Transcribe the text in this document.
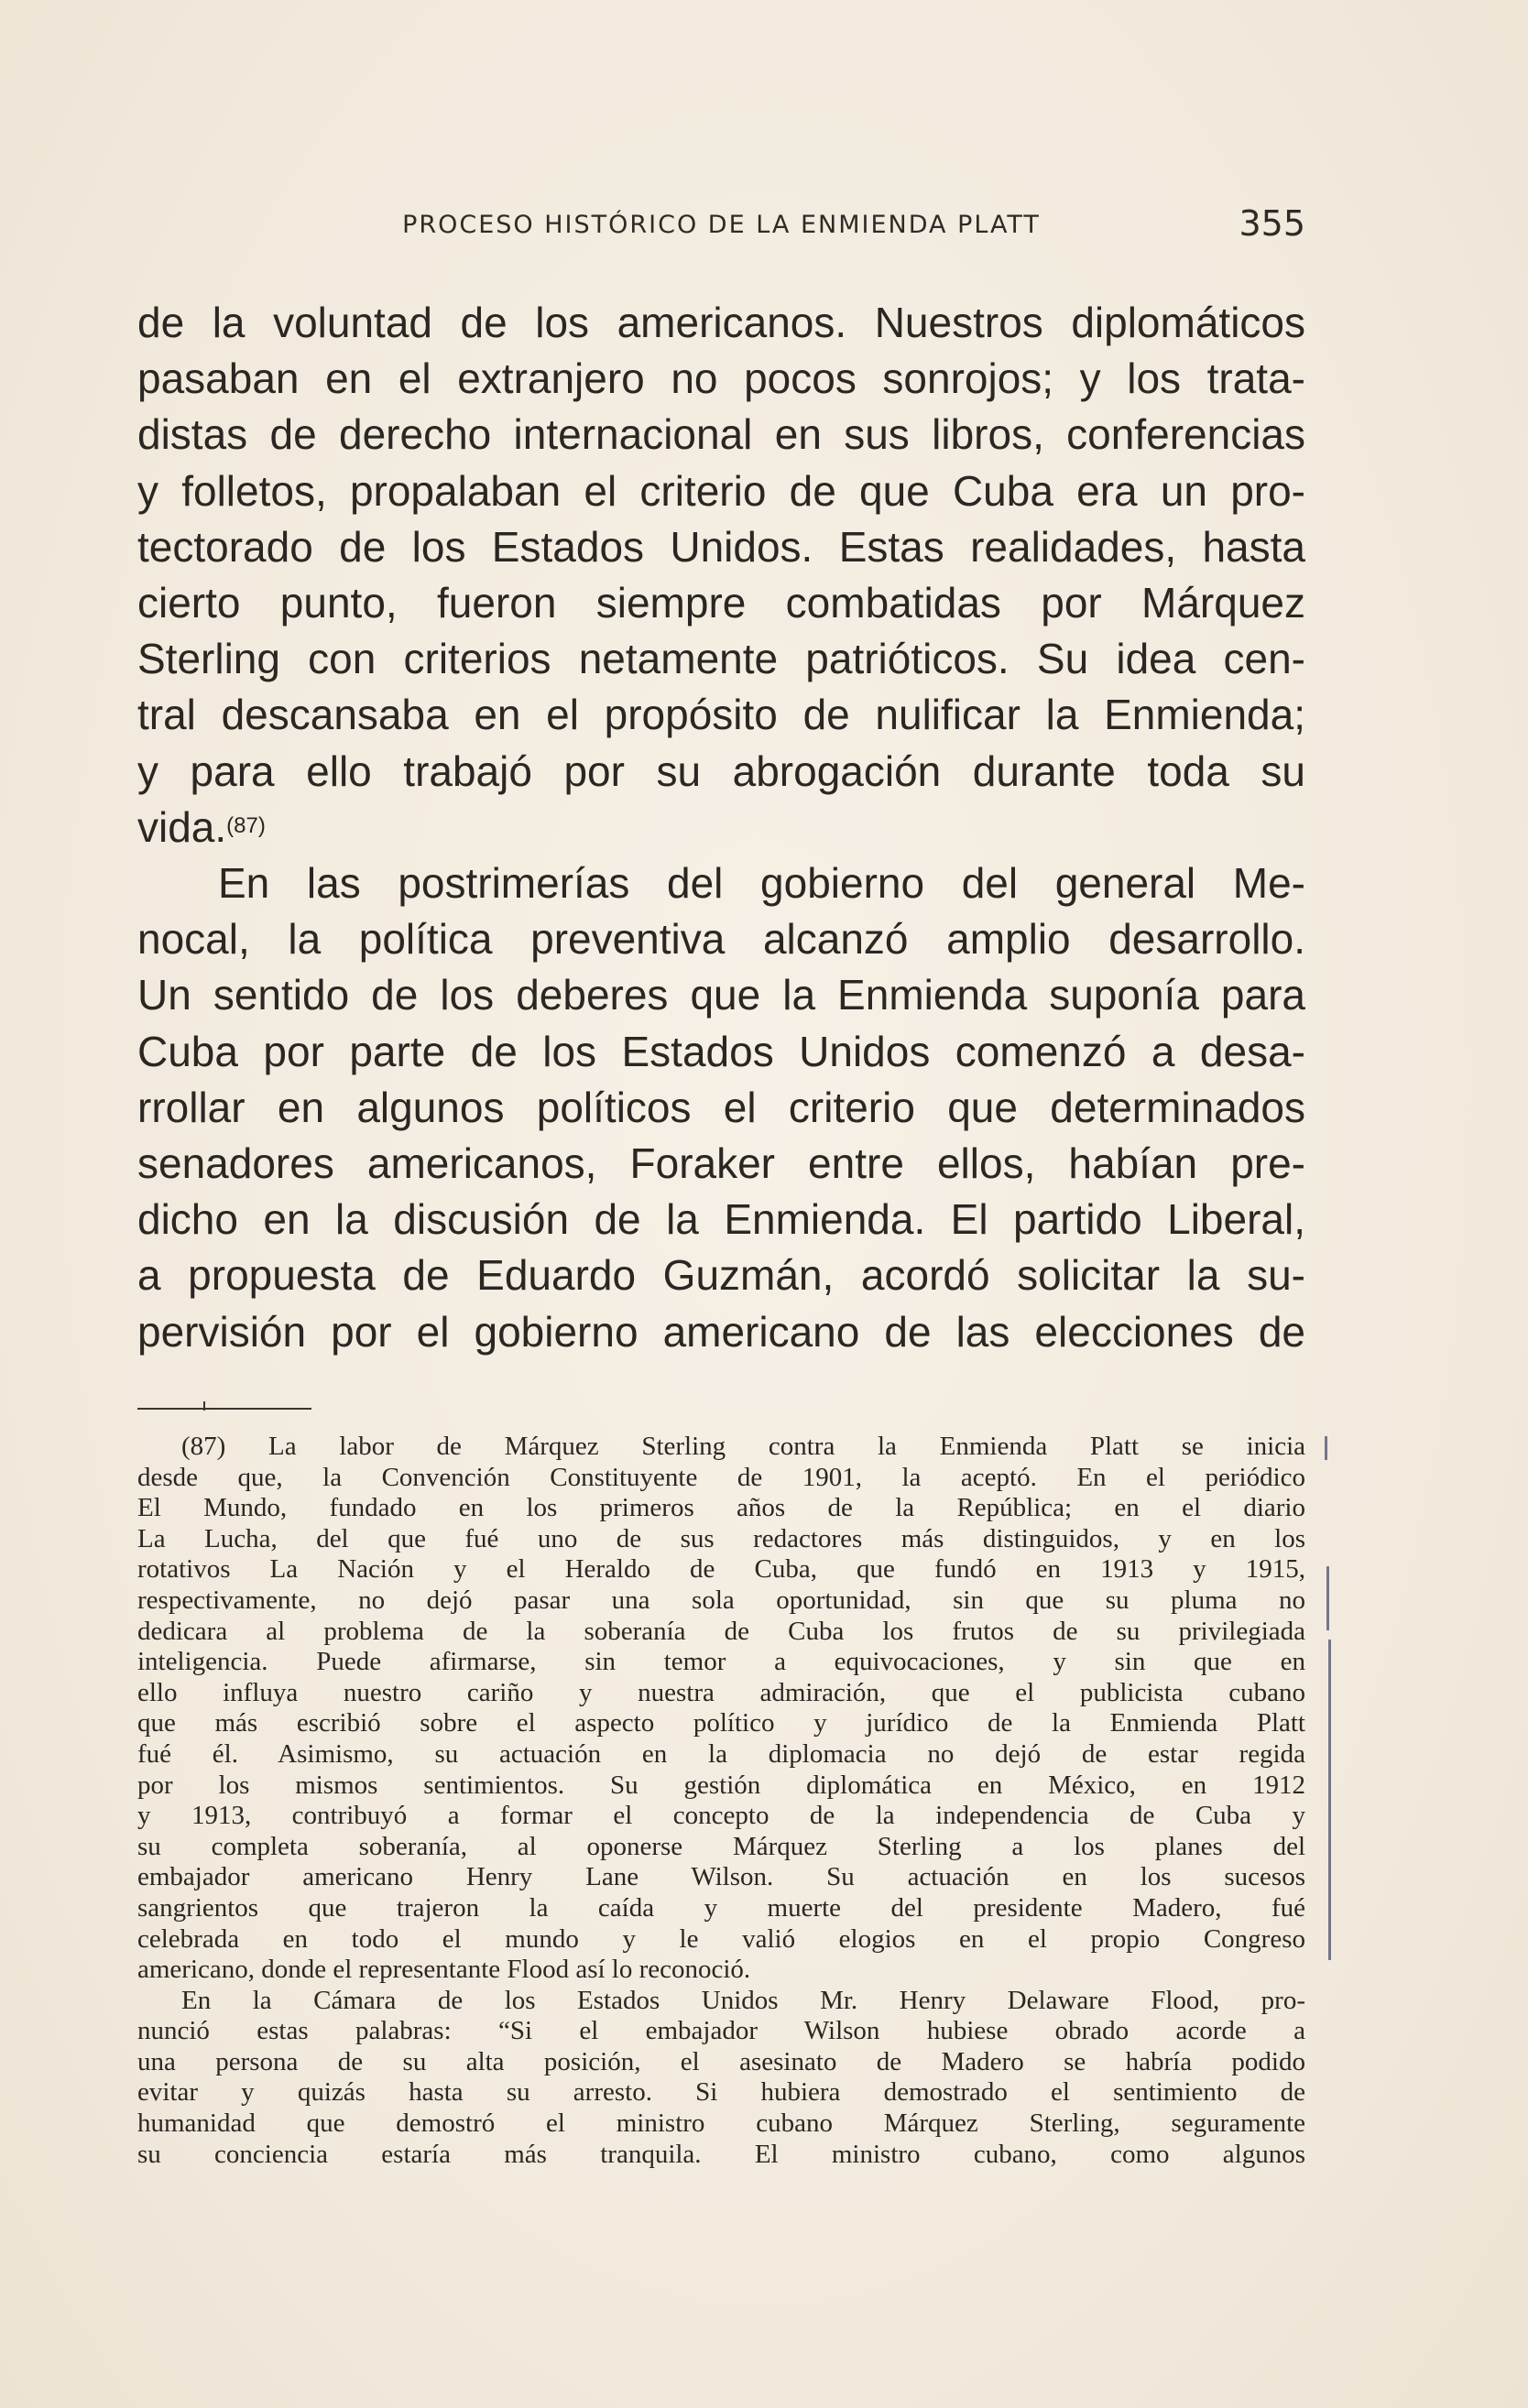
PROCESO HISTÓRICO DE LA ENMIENDA PLATT	355

de la voluntad de los americanos. Nuestros diplomáticos
pasaban en el extranjero no pocos sonrojos; y los trata-
distas de derecho internacional en sus libros, conferencias
y folletos, propalaban el criterio de que Cuba era un pro-
tectorado de los Estados Unidos. Estas realidades, hasta
cierto punto, fueron siempre combatidas por Márquez
Sterling con criterios netamente patrióticos. Su idea cen-
tral descansaba en el propósito de nulificar la Enmienda;
y para ello trabajó por su abrogación durante toda su
vida.$^{(87)}$

En las postrimerías del gobierno del general Me-

nocal, la política preventiva alcanzó amplio desarrollo.
Un sentido de los deberes que la Enmienda suponía para
Cuba por parte de los Estados Unidos comenzó a desa-
rrollar en algunos políticos el criterio que determinados
senadores americanos, Foraker entre ellos, habían pre-
dicho en la discusión de la Enmienda. El partido Liberal,
a propuesta de Eduardo Guzmán, acordó solicitar la su-
pervisión por el gobierno americano de las elecciones de

(87) La labor de Márquez Sterling contra la Enmienda Platt se inicia
desde que, la Convención Constituyente de 1901, la aceptó. En el periódico
El Mundo, fundado en los primeros años de la República; en el diario
La Lucha, del que fué uno de sus redactores más distinguidos, y en los
rotativos La Nación y el Heraldo de Cuba, que fundó en 1913 y 1915,
respectivamente, no dejó pasar una sola oportunidad, sin que su pluma no
dedicara al problema de la soberanía de Cuba los frutos de su privilegiada
inteligencia. Puede afirmarse, sin temor a equivocaciones, y sin que en
ello influya nuestro cariño y nuestra admiración, que el publicista cubano
que más escribió sobre el aspecto político y jurídico de la Enmienda Platt
fué él. Asimismo, su actuación en la diplomacia no dejó de estar regida
por los mismos sentimientos. Su gestión diplomática en México, en 1912
y 1913, contribuyó a formar el concepto de la independencia de Cuba y
su completa soberanía, al oponerse Márquez Sterling a los planes del
embajador americano Henry Lane Wilson. Su actuación en los sucesos
sangrientos que trajeron la caída y muerte del presidente Madero, fué
celebrada en todo el mundo y le valió elogios en el propio Congreso
americano, donde el representante Flood así lo reconoció.
En la Cámara de los Estados Unidos Mr. Henry Delaware Flood, pro-
nunció estas palabras: “Si el embajador Wilson hubiese obrado acorde a
una persona de su alta posición, el asesinato de Madero se habría podido
evitar y quizás hasta su arresto. Si hubiera demostrado el sentimiento de
humanidad que demostró el ministro cubano Márquez Sterling, seguramente
su conciencia estaría más tranquila. El ministro cubano, como algunos
